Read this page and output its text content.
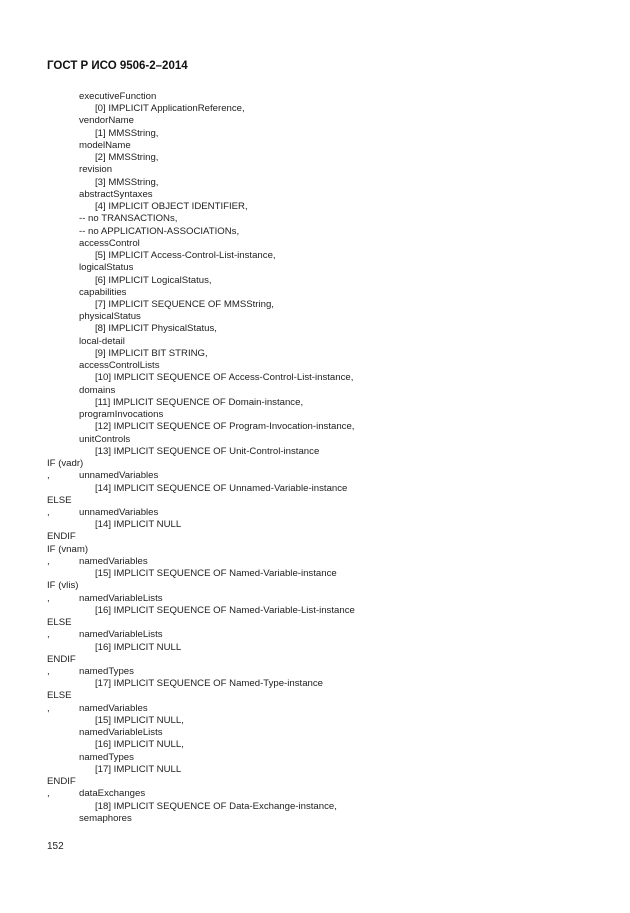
ГОСТ Р ИСО 9506-2–2014
executiveFunction
[0] IMPLICIT ApplicationReference,
vendorName
[1] MMSString,
modelName
[2] MMSString,
revision
[3] MMSString,
abstractSyntaxes
[4] IMPLICIT OBJECT IDENTIFIER,
-- no TRANSACTIONs,
-- no APPLICATION-ASSOCIATIONs,
accessControl
[5] IMPLICIT Access-Control-List-instance,
logicalStatus
[6] IMPLICIT LogicalStatus,
capabilities
[7] IMPLICIT SEQUENCE OF MMSString,
physicalStatus
[8] IMPLICIT PhysicalStatus,
local-detail
[9] IMPLICIT BIT STRING,
accessControlLists
[10] IMPLICIT SEQUENCE OF Access-Control-List-instance,
domains
[11] IMPLICIT SEQUENCE OF Domain-instance,
programInvocations
[12] IMPLICIT SEQUENCE OF Program-Invocation-instance,
unitControls
[13] IMPLICIT SEQUENCE OF Unit-Control-instance
IF (vadr)
,	unnamedVariables
[14] IMPLICIT SEQUENCE OF Unnamed-Variable-instance
ELSE
,	unnamedVariables
[14] IMPLICIT NULL
ENDIF
IF (vnam)
,	namedVariables
[15] IMPLICIT SEQUENCE OF Named-Variable-instance
IF (vlis)
,	namedVariableLists
[16] IMPLICIT SEQUENCE OF Named-Variable-List-instance
ELSE
,	namedVariableLists
[16] IMPLICIT NULL
ENDIF
,	namedTypes
[17] IMPLICIT SEQUENCE OF Named-Type-instance
ELSE
,	namedVariables
[15] IMPLICIT NULL,
namedVariableLists
[16] IMPLICIT NULL,
namedTypes
[17] IMPLICIT NULL
ENDIF
,	dataExchanges
[18] IMPLICIT SEQUENCE OF Data-Exchange-instance,
semaphores
152
